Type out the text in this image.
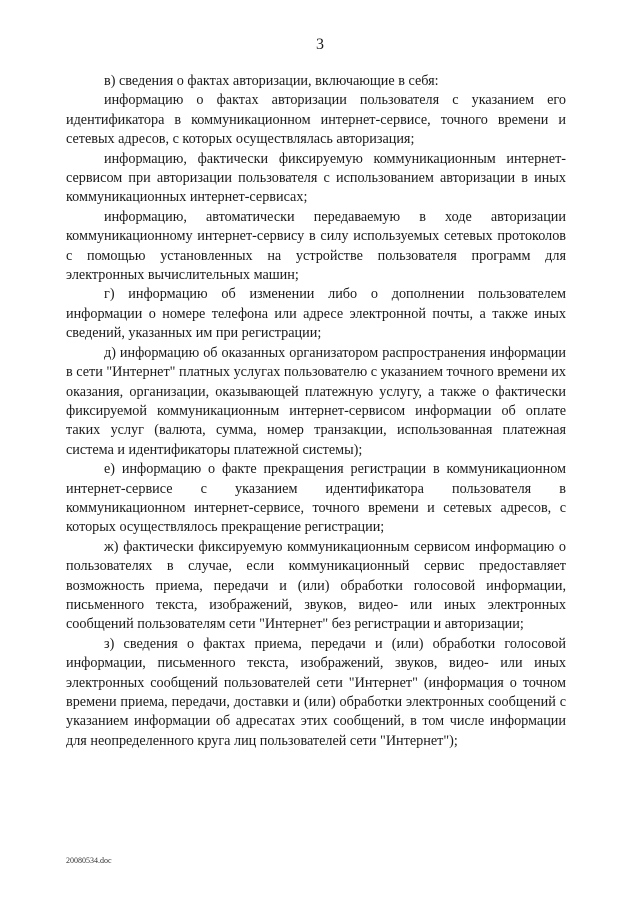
3

в) сведения о фактах авторизации, включающие в себя:

информацию о фактах авторизации пользователя с указанием его идентификатора в коммуникационном интернет-сервисе, точного времени и сетевых адресов, с которых осуществлялась авторизация;

информацию, фактически фиксируемую коммуникационным интернет-сервисом при авторизации пользователя с использованием авторизации в иных коммуникационных интернет-сервисах;

информацию, автоматически передаваемую в ходе авторизации коммуникационному интернет-сервису в силу используемых сетевых протоколов с помощью установленных на устройстве пользователя программ для электронных вычислительных машин;

г) информацию об изменении либо о дополнении пользователем информации о номере телефона или адресе электронной почты, а также иных сведений, указанных им при регистрации;

д) информацию об оказанных организатором распространения информации в сети "Интернет" платных услугах пользователю с указанием точного времени их оказания, организации, оказывающей платежную услугу, а также о фактически фиксируемой коммуникационным интернет-сервисом информации об оплате таких услуг (валюта, сумма, номер транзакции, использованная платежная система и идентификаторы платежной системы);

е) информацию о факте прекращения регистрации в коммуникационном интернет-сервисе с указанием идентификатора пользователя в коммуникационном интернет-сервисе, точного времени и сетевых адресов, с которых осуществлялось прекращение регистрации;

ж) фактически фиксируемую коммуникационным сервисом информацию о пользователях в случае, если коммуникационный сервис предоставляет возможность приема, передачи и (или) обработки голосовой информации, письменного текста, изображений, звуков, видео- или иных электронных сообщений пользователям сети "Интернет" без регистрации и авторизации;

з) сведения о фактах приема, передачи и (или) обработки голосовой информации, письменного текста, изображений, звуков, видео- или иных электронных сообщений пользователей сети "Интернет" (информация о точном времени приема, передачи, доставки и (или) обработки электронных сообщений с указанием информации об адресатах этих сообщений, в том числе информации для неопределенного круга лиц пользователей сети "Интернет");

20080534.doc
